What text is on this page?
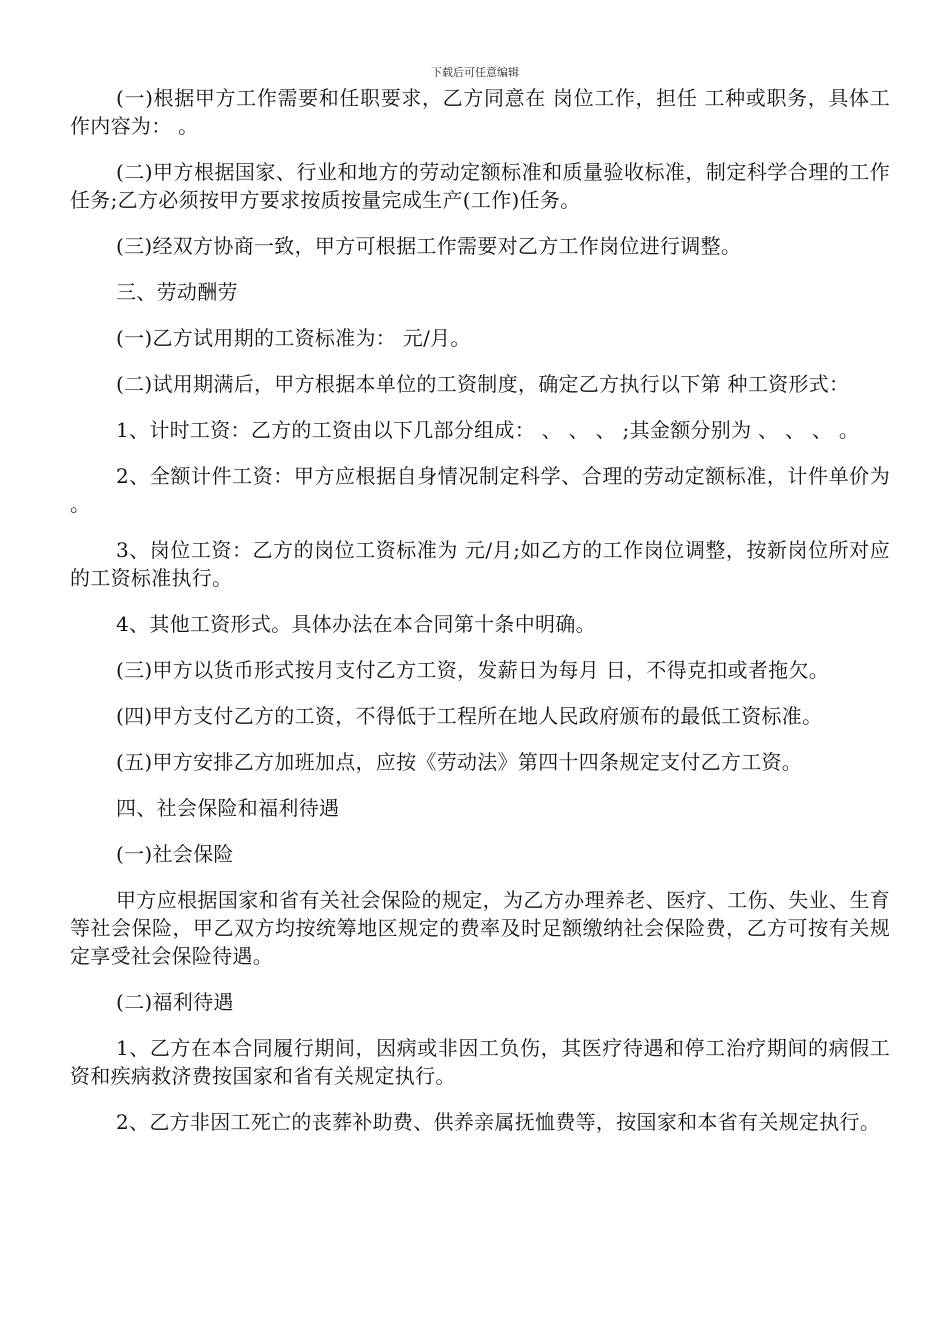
下载后可任意编辑

(一)根据甲方工作需要和任职要求，乙方同意在 岗位工作，担任 工种或职务，具体工作内容为： 。

(二)甲方根据国家、行业和地方的劳动定额标准和质量验收标准，制定科学合理的工作任务;乙方必须按甲方要求按质按量完成生产(工作)任务。

(三)经双方协商一致，甲方可根据工作需要对乙方工作岗位进行调整。

三、劳动酬劳

(一)乙方试用期的工资标准为： 元/月。

(二)试用期满后，甲方根据本单位的工资制度，确定乙方执行以下第 种工资形式：

1、计时工资：乙方的工资由以下几部分组成： 、 、 、 ;其金额分别为 、 、 、 。

2、全额计件工资：甲方应根据自身情况制定科学、合理的劳动定额标准，计件单价为 。

3、岗位工资：乙方的岗位工资标准为 元/月;如乙方的工作岗位调整，按新岗位所对应的工资标准执行。

4、其他工资形式。具体办法在本合同第十条中明确。

(三)甲方以货币形式按月支付乙方工资，发薪日为每月 日，不得克扣或者拖欠。

(四)甲方支付乙方的工资，不得低于工程所在地人民政府颁布的最低工资标准。

(五)甲方安排乙方加班加点，应按《劳动法》第四十四条规定支付乙方工资。

四、社会保险和福利待遇

(一)社会保险

甲方应根据国家和省有关社会保险的规定，为乙方办理养老、医疗、工伤、失业、生育等社会保险，甲乙双方均按统筹地区规定的费率及时足额缴纳社会保险费，乙方可按有关规定享受社会保险待遇。

(二)福利待遇

1、乙方在本合同履行期间，因病或非因工负伤，其医疗待遇和停工治疗期间的病假工资和疾病救济费按国家和省有关规定执行。

2、乙方非因工死亡的丧葬补助费、供养亲属抚恤费等，按国家和本省有关规定执行。
